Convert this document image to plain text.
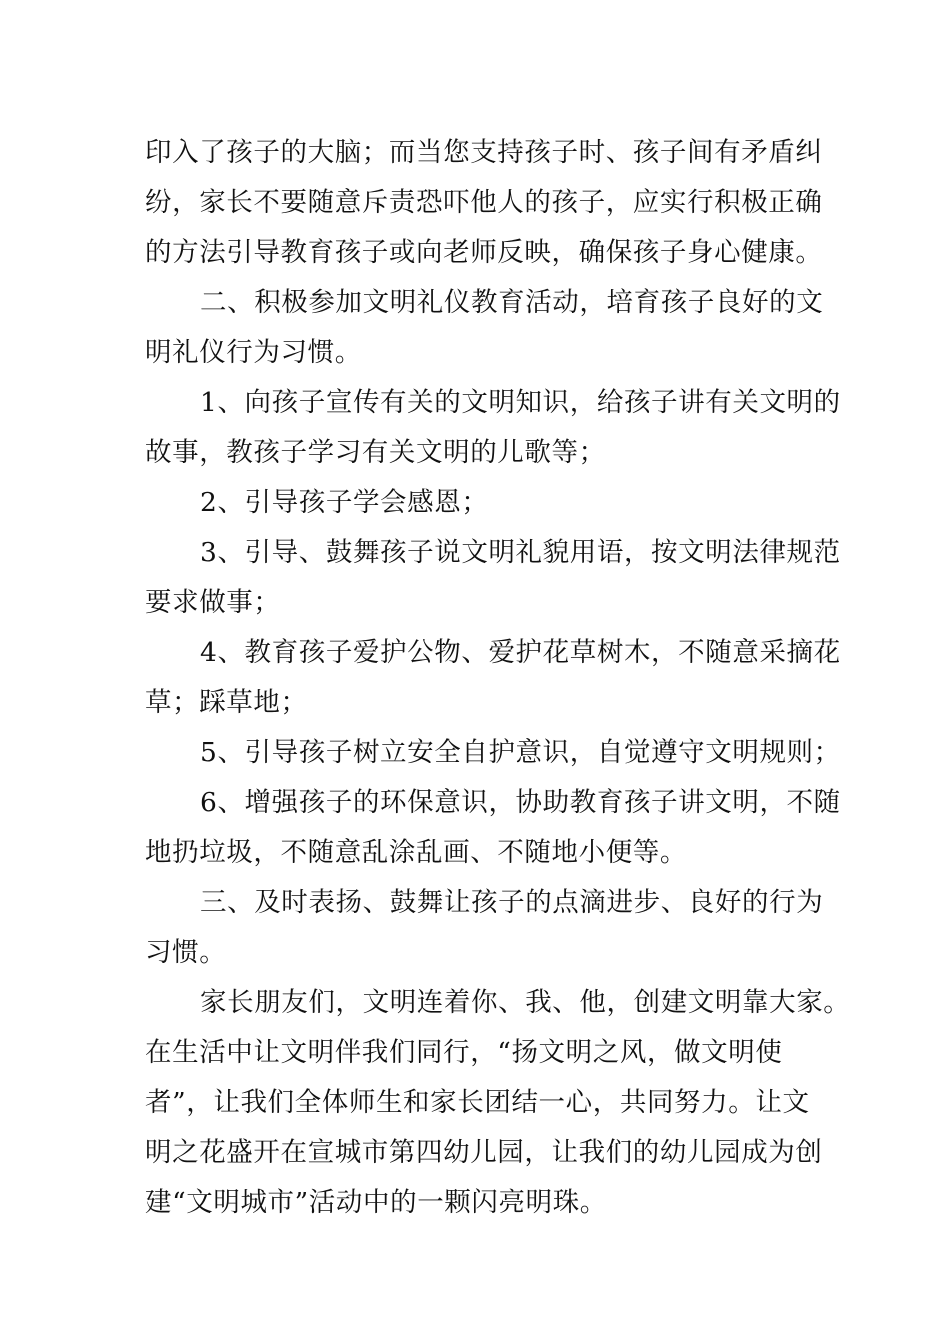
印入了孩子的大脑；而当您支持孩子时、孩子间有矛盾纠
纷，家长不要随意斥责恐吓他人的孩子，应实行积极正确
的方法引导教育孩子或向老师反映，确保孩子身心健康。
二、积极参加文明礼仪教育活动，培育孩子良好的文
明礼仪行为习惯。
1、向孩子宣传有关的文明知识，给孩子讲有关文明的
故事，教孩子学习有关文明的儿歌等；
2、引导孩子学会感恩；
3、引导、鼓舞孩子说文明礼貌用语，按文明法律规范
要求做事；
4、教育孩子爱护公物、爱护花草树木，不随意采摘花
草；踩草地；
5、引导孩子树立安全自护意识，自觉遵守文明规则；
6、增强孩子的环保意识，协助教育孩子讲文明，不随
地扔垃圾，不随意乱涂乱画、不随地小便等。
三、及时表扬、鼓舞让孩子的点滴进步、良好的行为
习惯。
家长朋友们，文明连着你、我、他，创建文明靠大家。
在生活中让文明伴我们同行，“扬文明之风，做文明使
者”，让我们全体师生和家长团结一心，共同努力。让文
明之花盛开在宣城市第四幼儿园，让我们的幼儿园成为创
建“文明城市”活动中的一颗闪亮明珠。
